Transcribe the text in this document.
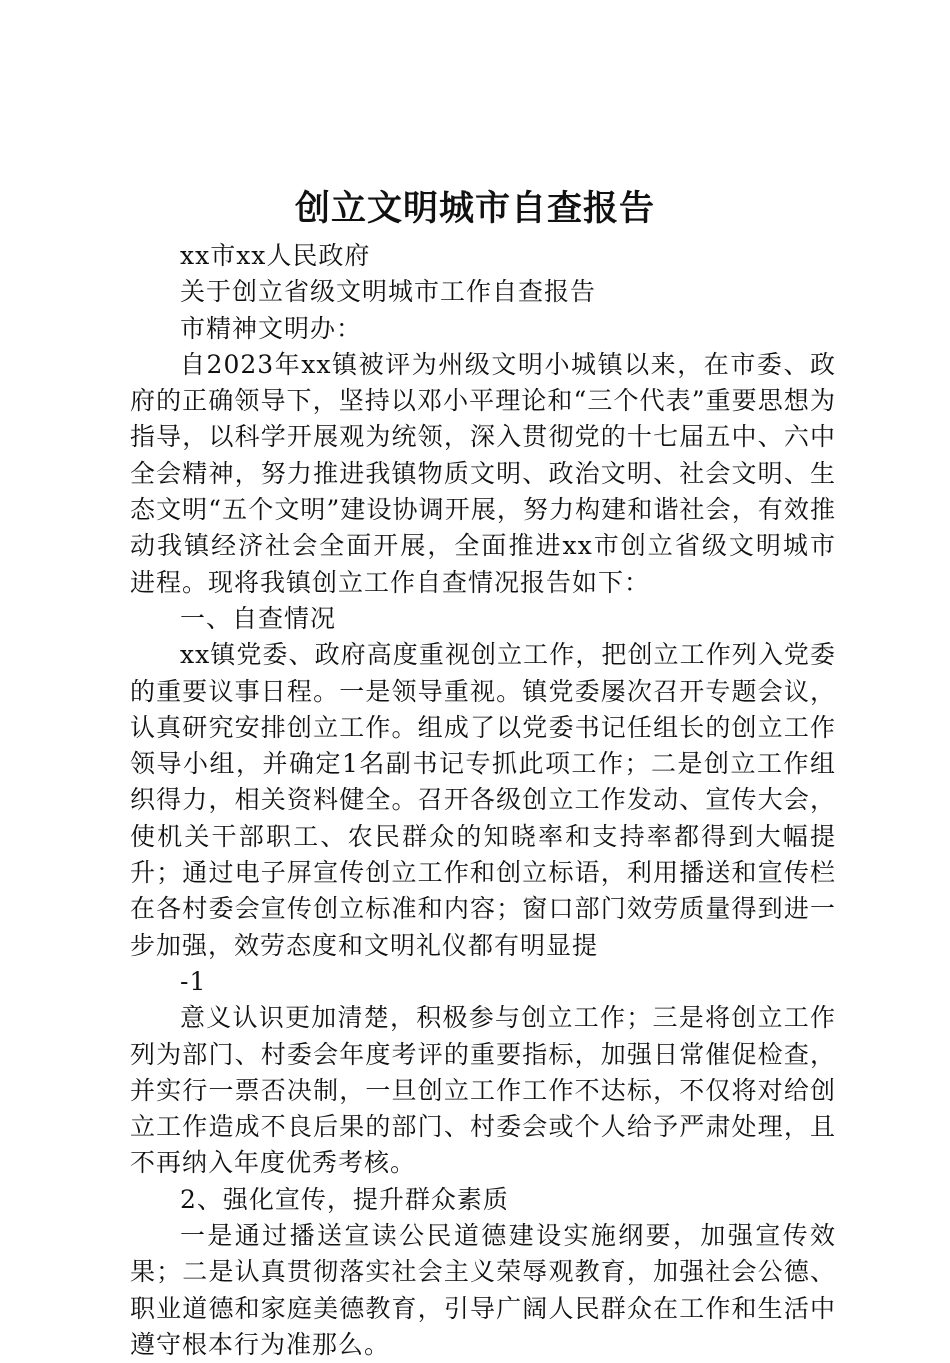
创立文明城市自查报告

xx市xx人民政府

关于创立省级文明城市工作自查报告

市精神文明办：

自2023年xx镇被评为州级文明小城镇以来，在市委、政府的正确领导下，坚持以邓小平理论和“三个代表”重要思想为指导，以科学开展观为统领，深入贯彻党的十七届五中、六中全会精神，努力推进我镇物质文明、政治文明、社会文明、生态文明“五个文明”建设协调开展，努力构建和谐社会，有效推动我镇经济社会全面开展，全面推进xx市创立省级文明城市进程。现将我镇创立工作自查情况报告如下：

一、自查情况

xx镇党委、政府高度重视创立工作，把创立工作列入党委的重要议事日程。一是领导重视。镇党委屡次召开专题会议，认真研究安排创立工作。组成了以党委书记任组长的创立工作领导小组，并确定1名副书记专抓此项工作；二是创立工作组织得力，相关资料健全。召开各级创立工作发动、宣传大会，使机关干部职工、农民群众的知晓率和支持率都得到大幅提升；通过电子屏宣传创立工作和创立标语，利用播送和宣传栏在各村委会宣传创立标准和内容；窗口部门效劳质量得到进一步加强，效劳态度和文明礼仪都有明显提

-1

意义认识更加清楚，积极参与创立工作；三是将创立工作列为部门、村委会年度考评的重要指标，加强日常催促检查，并实行一票否决制，一旦创立工作工作不达标，不仅将对给创立工作造成不良后果的部门、村委会或个人给予严肃处理，且不再纳入年度优秀考核。

2、强化宣传，提升群众素质

一是通过播送宣读公民道德建设实施纲要，加强宣传效果；二是认真贯彻落实社会主义荣辱观教育，加强社会公德、职业道德和家庭美德教育，引导广阔人民群众在工作和生活中遵守根本行为准那么。
